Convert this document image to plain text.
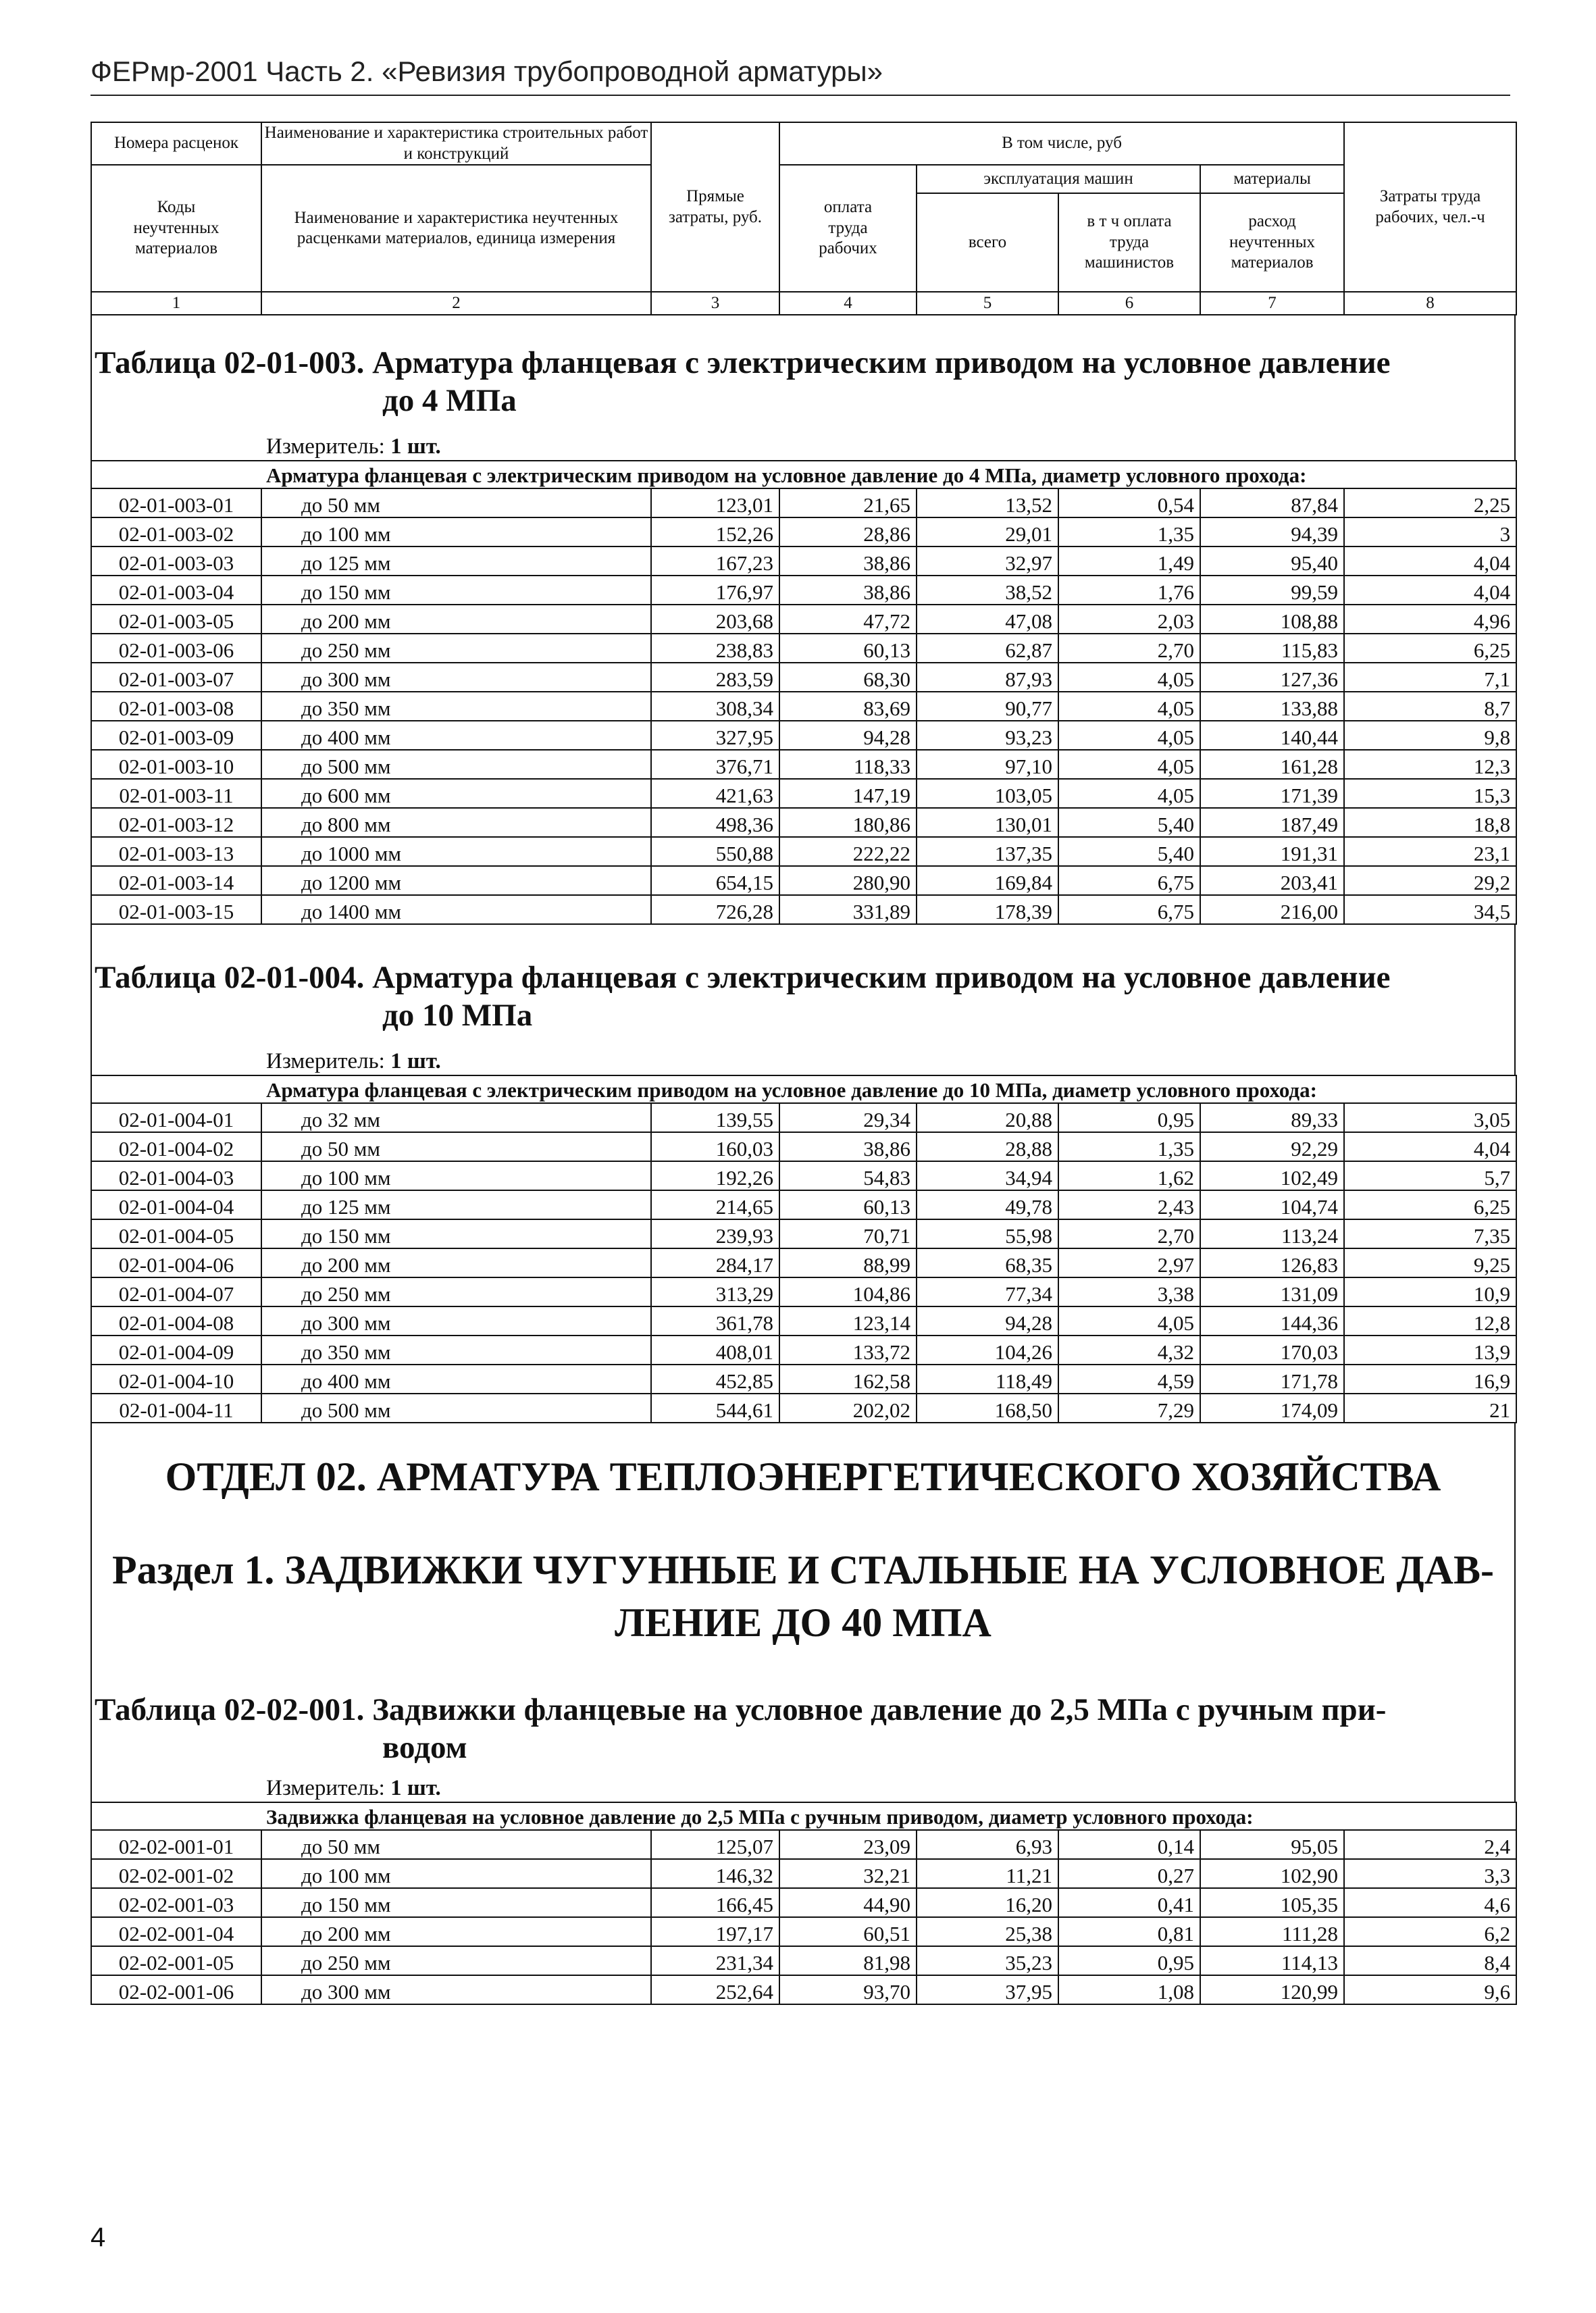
ФЕРмр-2001 Часть 2. «Ревизия трубопроводной арматуры»
Номера расценок	Наименование и характеристика строительных работ и конструкций	Прямые затраты, руб.	В том числе, руб				Затраты труда рабочих, чел.-ч
Коды неучтенных материалов	Наименование и характеристика неучтенных расценками материалов, единица измерения		оплата труда рабочих	эксплуатация машин		материалы	
				всего	в т ч оплата труда машинистов	расход неучтенных материалов	
1	2	3	4	5	6	7	8
Таблица 02-01-003. Арматура фланцевая с электрическим приводом на условное давление
до 4 МПа
Измеритель: 1 шт.
Арматура фланцевая с электрическим приводом на условное давление до 4 МПа, диаметр условного прохода:							
02-01-003-01	до 50 мм	123,01	21,65	13,52	0,54	87,84	2,25
02-01-003-02	до 100 мм	152,26	28,86	29,01	1,35	94,39	3
02-01-003-03	до 125 мм	167,23	38,86	32,97	1,49	95,40	4,04
02-01-003-04	до 150 мм	176,97	38,86	38,52	1,76	99,59	4,04
02-01-003-05	до 200 мм	203,68	47,72	47,08	2,03	108,88	4,96
02-01-003-06	до 250 мм	238,83	60,13	62,87	2,70	115,83	6,25
02-01-003-07	до 300 мм	283,59	68,30	87,93	4,05	127,36	7,1
02-01-003-08	до 350 мм	308,34	83,69	90,77	4,05	133,88	8,7
02-01-003-09	до 400 мм	327,95	94,28	93,23	4,05	140,44	9,8
02-01-003-10	до 500 мм	376,71	118,33	97,10	4,05	161,28	12,3
02-01-003-11	до 600 мм	421,63	147,19	103,05	4,05	171,39	15,3
02-01-003-12	до 800 мм	498,36	180,86	130,01	5,40	187,49	18,8
02-01-003-13	до 1000 мм	550,88	222,22	137,35	5,40	191,31	23,1
02-01-003-14	до 1200 мм	654,15	280,90	169,84	6,75	203,41	29,2
02-01-003-15	до 1400 мм	726,28	331,89	178,39	6,75	216,00	34,5
Таблица 02-01-004. Арматура фланцевая с электрическим приводом на условное давление
до 10 МПа
Измеритель: 1 шт.
Арматура фланцевая с электрическим приводом на условное давление до 10 МПа, диаметр условного прохода:							
02-01-004-01	до 32 мм	139,55	29,34	20,88	0,95	89,33	3,05
02-01-004-02	до 50 мм	160,03	38,86	28,88	1,35	92,29	4,04
02-01-004-03	до 100 мм	192,26	54,83	34,94	1,62	102,49	5,7
02-01-004-04	до 125 мм	214,65	60,13	49,78	2,43	104,74	6,25
02-01-004-05	до 150 мм	239,93	70,71	55,98	2,70	113,24	7,35
02-01-004-06	до 200 мм	284,17	88,99	68,35	2,97	126,83	9,25
02-01-004-07	до 250 мм	313,29	104,86	77,34	3,38	131,09	10,9
02-01-004-08	до 300 мм	361,78	123,14	94,28	4,05	144,36	12,8
02-01-004-09	до 350 мм	408,01	133,72	104,26	4,32	170,03	13,9
02-01-004-10	до 400 мм	452,85	162,58	118,49	4,59	171,78	16,9
02-01-004-11	до 500 мм	544,61	202,02	168,50	7,29	174,09	21
ОТДЕЛ 02. АРМАТУРА ТЕПЛОЭНЕРГЕТИЧЕСКОГО ХОЗЯЙСТВА
Раздел 1. ЗАДВИЖКИ ЧУГУННЫЕ И СТАЛЬНЫЕ НА УСЛОВНОЕ ДАВ-
ЛЕНИЕ ДО 40 МПА
Таблица 02-02-001. Задвижки фланцевые на условное давление до 2,5 МПа с ручным при-
водом
Измеритель: 1 шт.
Задвижка фланцевая на условное давление до 2,5 МПа с ручным приводом, диаметр условного прохода:							
02-02-001-01	до 50 мм	125,07	23,09	6,93	0,14	95,05	2,4
02-02-001-02	до 100 мм	146,32	32,21	11,21	0,27	102,90	3,3
02-02-001-03	до 150 мм	166,45	44,90	16,20	0,41	105,35	4,6
02-02-001-04	до 200 мм	197,17	60,51	25,38	0,81	111,28	6,2
02-02-001-05	до 250 мм	231,34	81,98	35,23	0,95	114,13	8,4
02-02-001-06	до 300 мм	252,64	93,70	37,95	1,08	120,99	9,6
4
